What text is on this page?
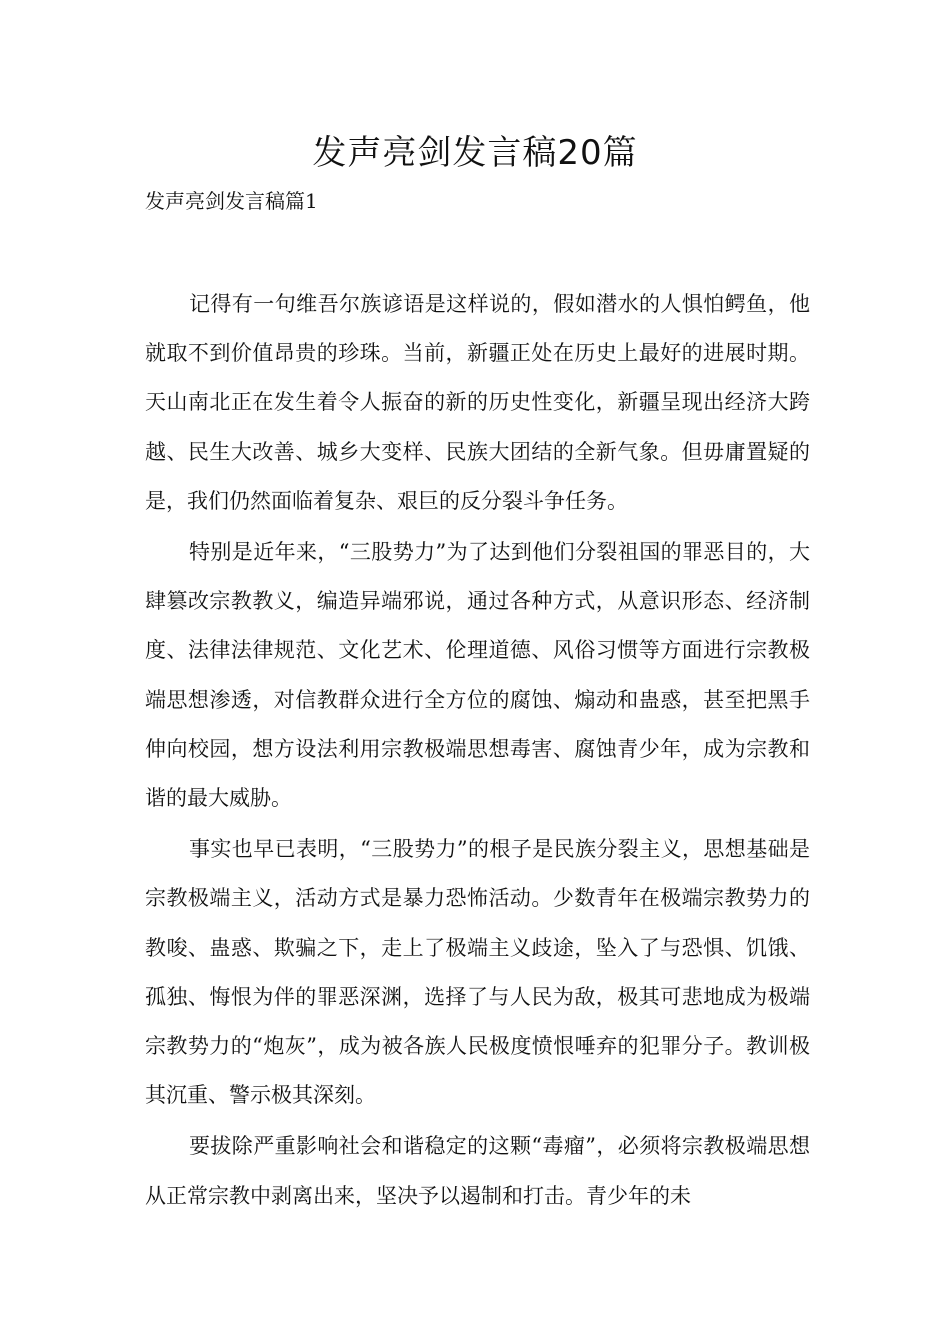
发声亮剑发言稿20篇
发声亮剑发言稿篇1

记得有一句维吾尔族谚语是这样说的，假如潜水的人惧怕鳄鱼，他就取不到价值昂贵的珍珠。当前，新疆正处在历史上最好的进展时期。天山南北正在发生着令人振奋的新的历史性变化，新疆呈现出经济大跨越、民生大改善、城乡大变样、民族大团结的全新气象。但毋庸置疑的是，我们仍然面临着复杂、艰巨的反分裂斗争任务。

特别是近年来，“三股势力”为了达到他们分裂祖国的罪恶目的，大肆篡改宗教教义，编造异端邪说，通过各种方式，从意识形态、经济制度、法律法律规范、文化艺术、伦理道德、风俗习惯等方面进行宗教极端思想渗透，对信教群众进行全方位的腐蚀、煽动和蛊惑，甚至把黑手伸向校园，想方设法利用宗教极端思想毒害、腐蚀青少年，成为宗教和谐的最大威胁。

事实也早已表明，“三股势力”的根子是民族分裂主义，思想基础是宗教极端主义，活动方式是暴力恐怖活动。少数青年在极端宗教势力的教唆、蛊惑、欺骗之下，走上了极端主义歧途，坠入了与恐惧、饥饿、孤独、悔恨为伴的罪恶深渊，选择了与人民为敌，极其可悲地成为极端宗教势力的“炮灰”，成为被各族人民极度愤恨唾弃的犯罪分子。教训极其沉重、警示极其深刻。

要拔除严重影响社会和谐稳定的这颗“毒瘤”，必须将宗教极端思想从正常宗教中剥离出来，坚决予以遏制和打击。青少年的未
